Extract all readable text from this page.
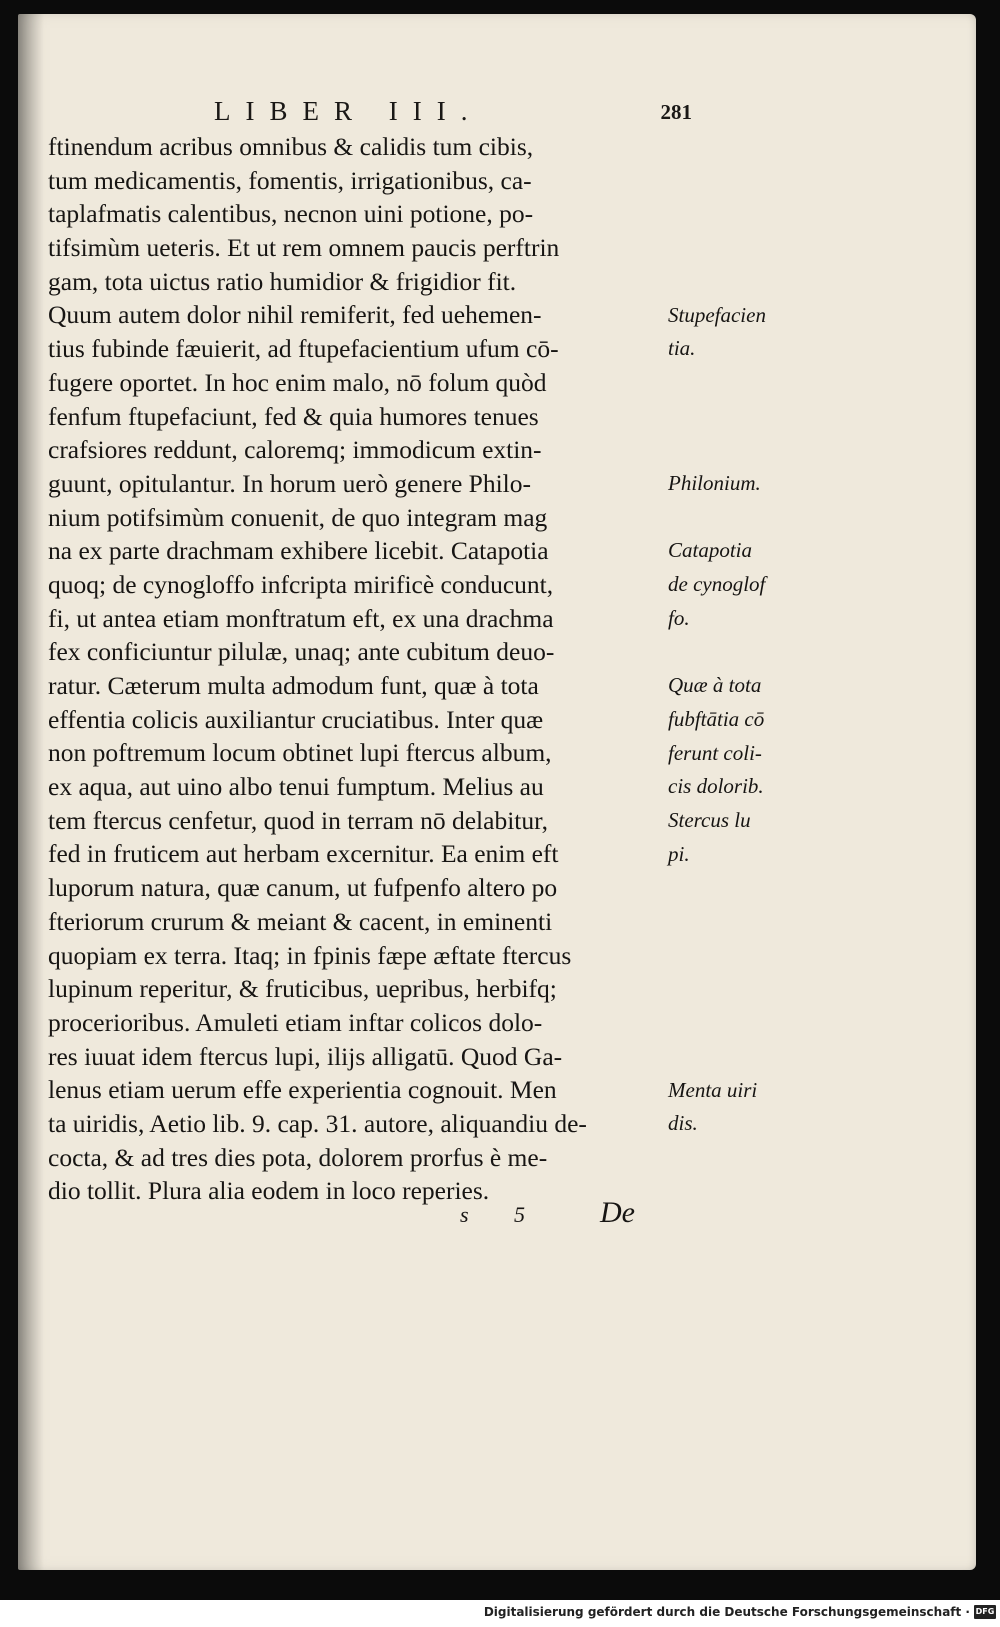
LIBER III.	281
ftinendum acribus omnibus & calidis tum cibis,
tum medicamentis, fomentis, irrigationibus, ca-
taplafmatis calentibus, necnon uini potione, po-
tifsimùm ueteris. Et ut rem omnem paucis perftrin
gam, tota uictus ratio humidior & frigidior fit.
Quum autem dolor nihil remiferit, fed uehemen-
tius fubinde fæuierit, ad ftupefacientium ufum cō-
fugere oportet. In hoc enim malo, nō folum quòd
fenfum ftupefaciunt, fed & quia humores tenues
crafsiores reddunt, caloremq; immodicum extin-
guunt, opitulantur. In horum uerò genere Philo-
nium potifsimùm conuenit, de quo integram mag
na ex parte drachmam exhibere licebit. Catapotia
quoq; de cynogloffo infcripta mirificè conducunt,
fi, ut antea etiam monftratum eft, ex una drachma
fex conficiuntur pilulæ, unaq; ante cubitum deuo-
ratur. Cæterum multa admodum funt, quæ à tota
effentia colicis auxiliantur cruciatibus. Inter quæ
non poftremum locum obtinet lupi ftercus album,
ex aqua, aut uino albo tenui fumptum. Melius au
tem ftercus cenfetur, quod in terram nō delabitur,
fed in fruticem aut herbam excernitur. Ea enim eft
luporum natura, quæ canum, ut fufpenfo altero po
fteriorum crurum & meiant & cacent, in eminenti
quopiam ex terra. Itaq; in fpinis fæpe æftate ftercus
lupinum reperitur, & fruticibus, uepribus, herbifq;
procerioribus. Amuleti etiam inftar colicos dolo-
res iuuat idem ftercus lupi, ilijs alligatū. Quod Ga-
lenus etiam uerum effe experientia cognouit. Men
ta uiridis, Aetio lib. 9. cap. 31. autore, aliquandiu de-
cocta, & ad tres dies pota, dolorem prorfus è me-
dio tollit. Plura alia eodem in loco reperies.
Stupefacien
tia.
Philonium.
Catapotia
de cynoglof
fo.
Quæ à tota
fubftātia cō
ferunt coli-
cis dolorib.
Stercus lu
pi.
Menta uiri
dis.
s 5 De
Digitalisierung gefördert durch die Deutsche Forschungsgemeinschaft · DFG
